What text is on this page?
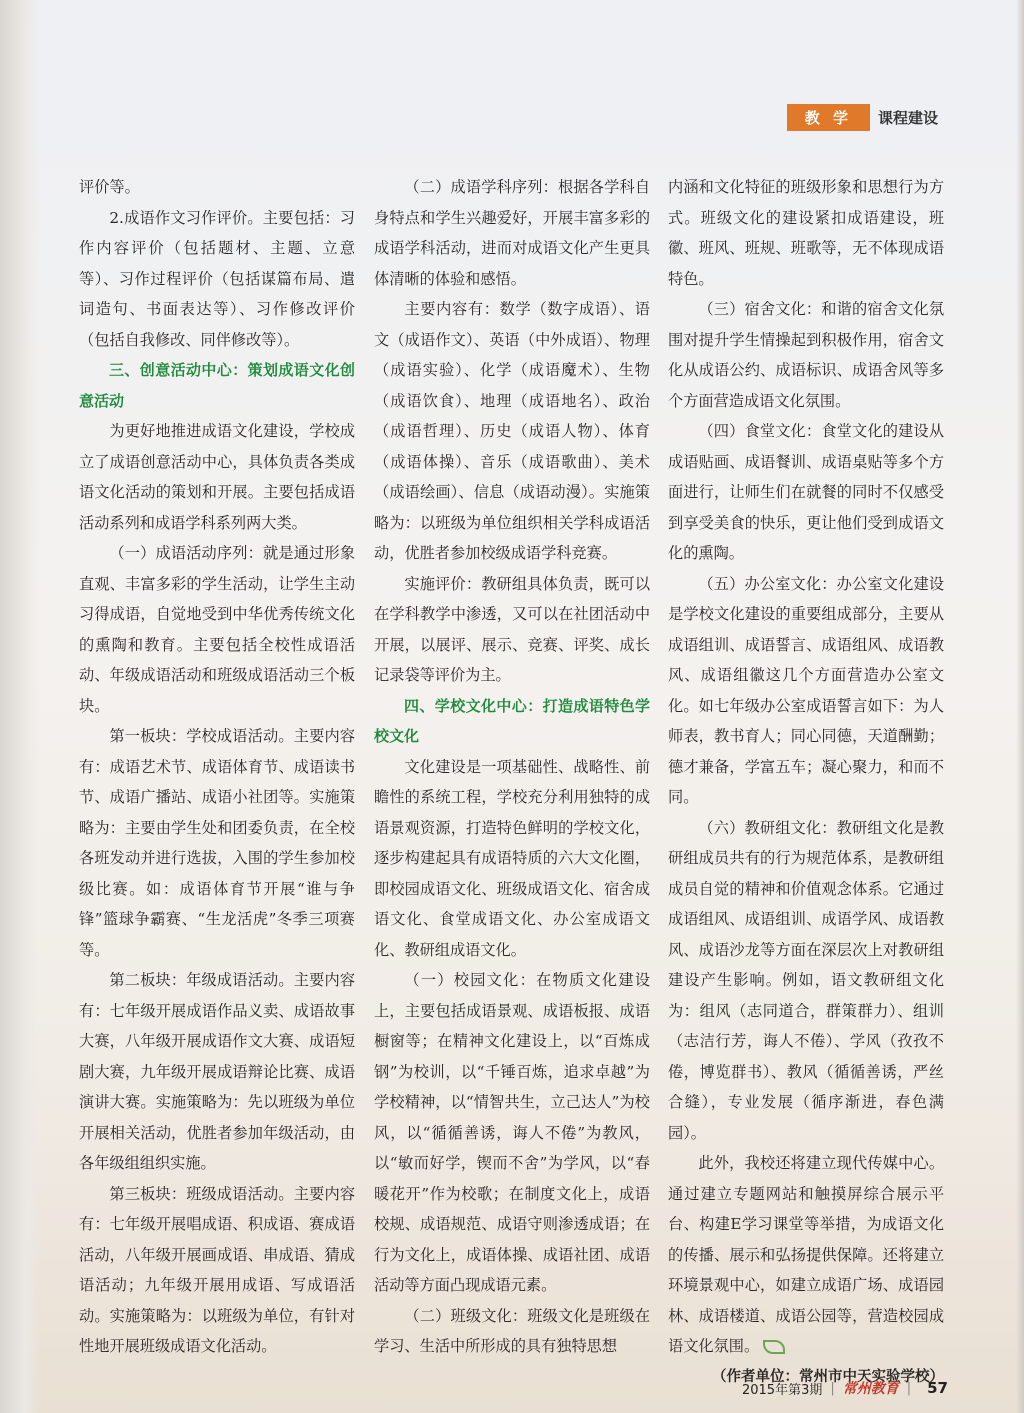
教 学	课程建设

评价等。

2.成语作文习作评价。主要包括：习作内容评价（包括题材、主题、立意等）、习作过程评价（包括谋篇布局、遣词造句、书面表达等）、习作修改评价（包括自我修改、同伴修改等）。

三、创意活动中心：策划成语文化创意活动

为更好地推进成语文化建设，学校成立了成语创意活动中心，具体负责各类成语文化活动的策划和开展。主要包括成语活动系列和成语学科系列两大类。

（一）成语活动序列：就是通过形象直观、丰富多彩的学生活动，让学生主动习得成语，自觉地受到中华优秀传统文化的熏陶和教育。主要包括全校性成语活动、年级成语活动和班级成语活动三个板块。

第一板块：学校成语活动。主要内容有：成语艺术节、成语体育节、成语读书节、成语广播站、成语小社团等。实施策略为：主要由学生处和团委负责，在全校各班发动并进行选拔，入围的学生参加校级比赛。如：成语体育节开展“谁与争锋”篮球争霸赛、“生龙活虎”冬季三项赛等。

第二板块：年级成语活动。主要内容有：七年级开展成语作品义卖、成语故事大赛，八年级开展成语作文大赛、成语短剧大赛，九年级开展成语辩论比赛、成语演讲大赛。实施策略为：先以班级为单位开展相关活动，优胜者参加年级活动，由各年级组组织实施。

第三板块：班级成语活动。主要内容有：七年级开展唱成语、积成语、赛成语活动，八年级开展画成语、串成语、猜成语活动；九年级开展用成语、写成语活动。实施策略为：以班级为单位，有针对性地开展班级成语文化活动。

（二）成语学科序列：根据各学科自身特点和学生兴趣爱好，开展丰富多彩的成语学科活动，进而对成语文化产生更具体清晰的体验和感悟。

主要内容有：数学（数字成语）、语文（成语作文）、英语（中外成语）、物理（成语实验）、化学（成语魔术）、生物（成语饮食）、地理（成语地名）、政治（成语哲理）、历史（成语人物）、体育（成语体操）、音乐（成语歌曲）、美术（成语绘画）、信息（成语动漫）。实施策略为：以班级为单位组织相关学科成语活动，优胜者参加校级成语学科竞赛。

实施评价：教研组具体负责，既可以在学科教学中渗透，又可以在社团活动中开展，以展评、展示、竞赛、评奖、成长记录袋等评价为主。

四、学校文化中心：打造成语特色学校文化

文化建设是一项基础性、战略性、前瞻性的系统工程，学校充分利用独特的成语景观资源，打造特色鲜明的学校文化，逐步构建起具有成语特质的六大文化圈，即校园成语文化、班级成语文化、宿舍成语文化、食堂成语文化、办公室成语文化、教研组成语文化。

（一）校园文化：在物质文化建设上，主要包括成语景观、成语板报、成语橱窗等；在精神文化建设上，以“百炼成钢”为校训，以“千锤百炼，追求卓越”为学校精神，以“情智共生，立己达人”为校风，以“循循善诱，诲人不倦”为教风，以“敏而好学，锲而不舍”为学风，以“春暖花开”作为校歌；在制度文化上，成语校规、成语规范、成语守则渗透成语；在行为文化上，成语体操、成语社团、成语活动等方面凸现成语元素。

（二）班级文化：班级文化是班级在学习、生活中所形成的具有独特思想

内涵和文化特征的班级形象和思想行为方式。班级文化的建设紧扣成语建设，班徽、班风、班规、班歌等，无不体现成语特色。

（三）宿舍文化：和谐的宿舍文化氛围对提升学生情操起到积极作用，宿舍文化从成语公约、成语标识、成语舍风等多个方面营造成语文化氛围。

（四）食堂文化：食堂文化的建设从成语贴画、成语餐训、成语桌贴等多个方面进行，让师生们在就餐的同时不仅感受到享受美食的快乐，更让他们受到成语文化的熏陶。

（五）办公室文化：办公室文化建设是学校文化建设的重要组成部分，主要从成语组训、成语誓言、成语组风、成语教风、成语组徽这几个方面营造办公室文化。如七年级办公室成语誓言如下：为人师表，教书育人；同心同德，天道酬勤；德才兼备，学富五车；凝心聚力，和而不同。

（六）教研组文化：教研组文化是教研组成员共有的行为规范体系，是教研组成员自觉的精神和价值观念体系。它通过成语组风、成语组训、成语学风、成语教风、成语沙龙等方面在深层次上对教研组建设产生影响。例如，语文教研组文化为：组风（志同道合，群策群力）、组训（志洁行芳，诲人不倦）、学风（孜孜不倦，博览群书）、教风（循循善诱，严丝合缝），专业发展（循序渐进，春色满园）。

此外，我校还将建立现代传媒中心。通过建立专题网站和触摸屏综合展示平台、构建E学习课堂等举措，为成语文化的传播、展示和弘扬提供保障。还将建立环境景观中心，如建立成语广场、成语园林、成语楼道、成语公园等，营造校园成语文化氛围。

（作者单位：常州市中天实验学校）

2015年第3期 | 常州教育 | 57
